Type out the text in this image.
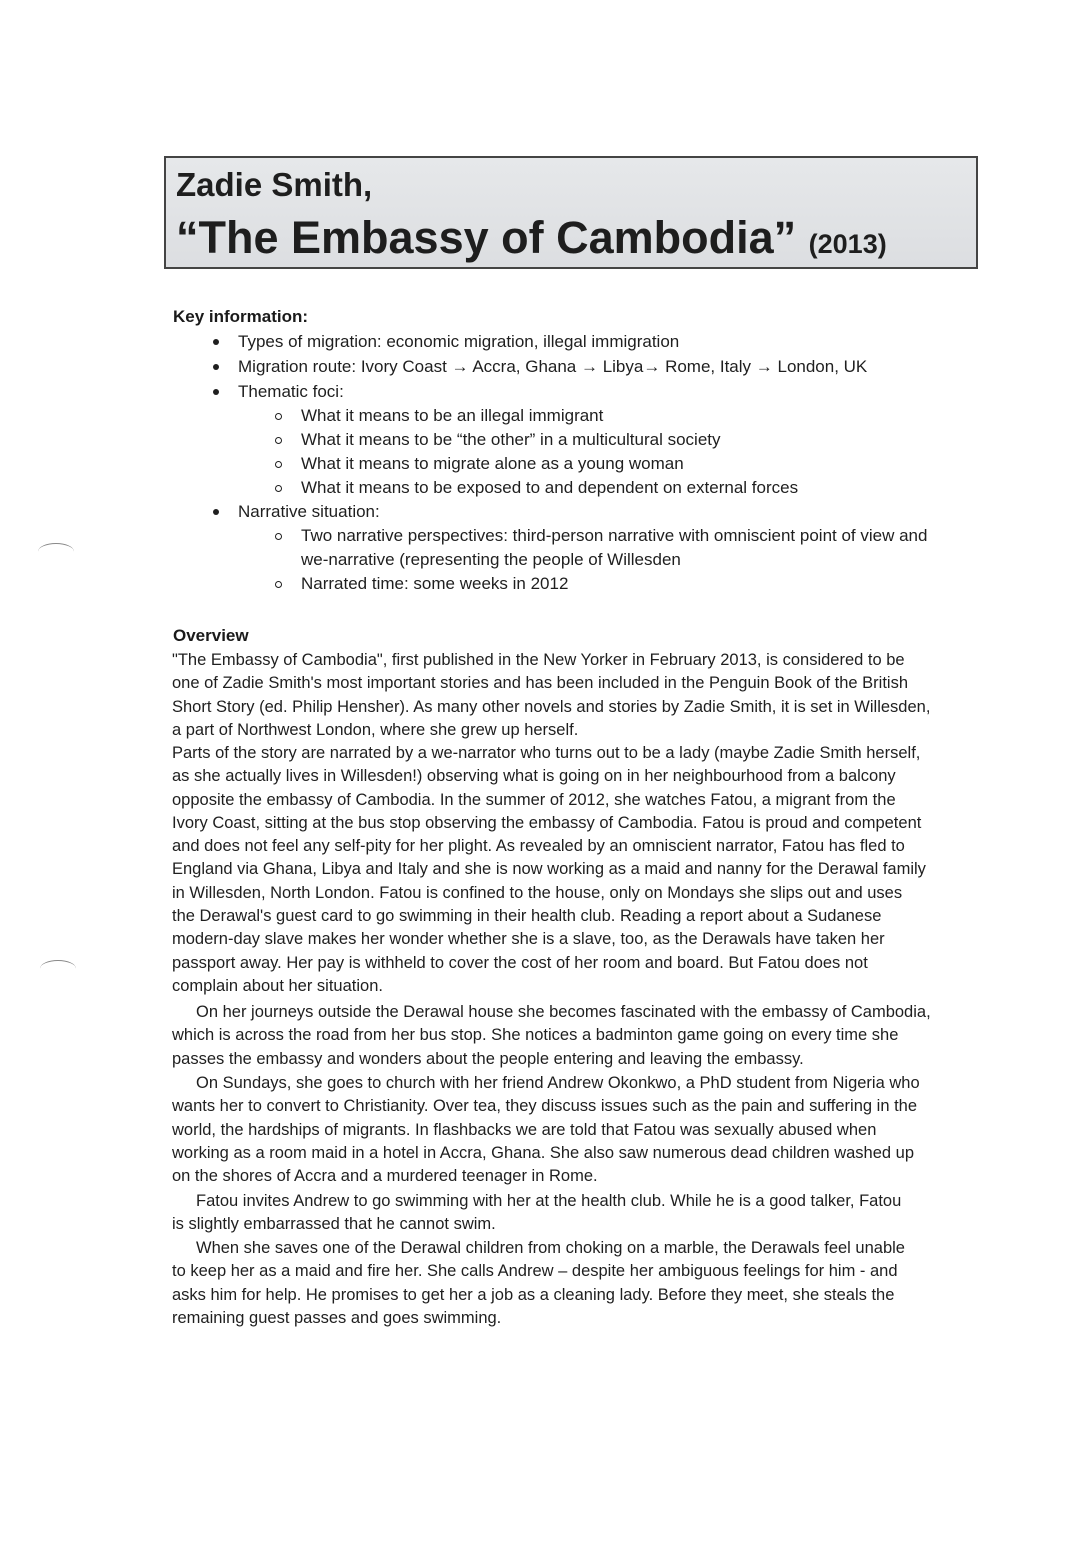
Zadie Smith,
“The Embassy of Cambodia” (2013)
Key information:
Types of migration: economic migration, illegal immigration
Migration route: Ivory Coast → Accra, Ghana → Libya→ Rome, Italy → London, UK
Thematic foci:
What it means to be an illegal immigrant
What it means to be “the other” in a multicultural society
What it means to migrate alone as a young woman
What it means to be exposed to and dependent on external forces
Narrative situation:
Two narrative perspectives: third-person narrative with omniscient point of view and
we-narrative (representing the people of Willesden
Narrated time: some weeks in 2012
Overview
"The Embassy of Cambodia", first published in the New Yorker in February 2013, is considered to be
one of Zadie Smith's most important stories and has been included in the Penguin Book of the British
Short Story (ed. Philip Hensher). As many other novels and stories by Zadie Smith, it is set in Willesden,
a part of Northwest London, where she grew up herself.
Parts of the story are narrated by a we-narrator who turns out to be a lady (maybe Zadie Smith herself,
as she actually lives in Willesden!) observing what is going on in her neighbourhood from a balcony
opposite the embassy of Cambodia. In the summer of 2012, she watches Fatou, a migrant from the
Ivory Coast, sitting at the bus stop observing the embassy of Cambodia. Fatou is proud and competent
and does not feel any self-pity for her plight. As revealed by an omniscient narrator, Fatou has fled to
England via Ghana, Libya and Italy and she is now working as a maid and nanny for the Derawal family
in Willesden, North London. Fatou is confined to the house, only on Mondays she slips out and uses
the Derawal's guest card to go swimming in their health club. Reading a report about a Sudanese
modern-day slave makes her wonder whether she is a slave, too, as the Derawals have taken her
passport away. Her pay is withheld to cover the cost of her room and board. But Fatou does not
complain about her situation.
On her journeys outside the Derawal house she becomes fascinated with the embassy of Cambodia,
which is across the road from her bus stop. She notices a badminton game going on every time she
passes the embassy and wonders about the people entering and leaving the embassy.
On Sundays, she goes to church with her friend Andrew Okonkwo, a PhD student from Nigeria who
wants her to convert to Christianity. Over tea, they discuss issues such as the pain and suffering in the
world, the hardships of migrants. In flashbacks we are told that Fatou was sexually abused when
working as a room maid in a hotel in Accra, Ghana. She also saw numerous dead children washed up
on the shores of Accra and a murdered teenager in Rome.
Fatou invites Andrew to go swimming with her at the health club. While he is a good talker, Fatou
is slightly embarrassed that he cannot swim.
When she saves one of the Derawal children from choking on a marble, the Derawals feel unable
to keep her as a maid and fire her. She calls Andrew – despite her ambiguous feelings for him - and
asks him for help. He promises to get her a job as a cleaning lady. Before they meet, she steals the
remaining guest passes and goes swimming.
